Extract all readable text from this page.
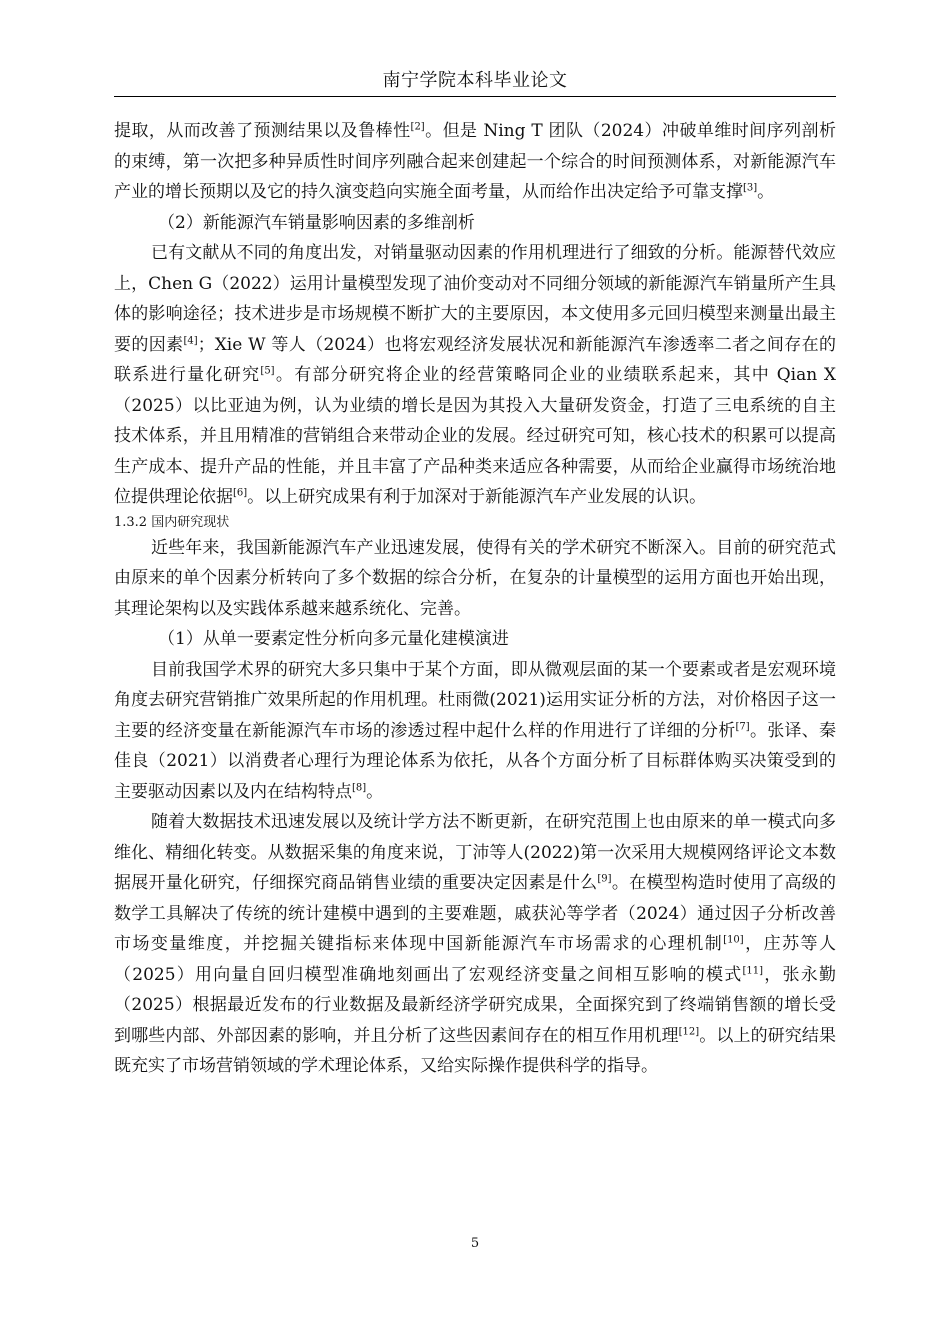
南宁学院本科毕业论文

提取，从而改善了预测结果以及鲁棒性[2]。但是 Ning T 团队（2024）冲破单维时间序列剖析的束缚，第一次把多种异质性时间序列融合起来创建起一个综合的时间预测体系，对新能源汽车产业的增长预期以及它的持久演变趋向实施全面考量，从而给作出决定给予可靠支撑[3]。

（2）新能源汽车销量影响因素的多维剖析

已有文献从不同的角度出发，对销量驱动因素的作用机理进行了细致的分析。能源替代效应上，Chen G（2022）运用计量模型发现了油价变动对不同细分领域的新能源汽车销量所产生具体的影响途径；技术进步是市场规模不断扩大的主要原因，本文使用多元回归模型来测量出最主要的因素[4]；Xie W 等人（2024）也将宏观经济发展状况和新能源汽车渗透率二者之间存在的联系进行量化研究[5]。有部分研究将企业的经营策略同企业的业绩联系起来，其中 Qian X（2025）以比亚迪为例，认为业绩的增长是因为其投入大量研发资金，打造了三电系统的自主技术体系，并且用精准的营销组合来带动企业的发展。经过研究可知，核心技术的积累可以提高生产成本、提升产品的性能，并且丰富了产品种类来适应各种需要，从而给企业赢得市场统治地位提供理论依据[6]。以上研究成果有利于加深对于新能源汽车产业发展的认识。

1.3.2 国内研究现状

近些年来，我国新能源汽车产业迅速发展，使得有关的学术研究不断深入。目前的研究范式由原来的单个因素分析转向了多个数据的综合分析，在复杂的计量模型的运用方面也开始出现，其理论架构以及实践体系越来越系统化、完善。

（1）从单一要素定性分析向多元量化建模演进

目前我国学术界的研究大多只集中于某个方面，即从微观层面的某一个要素或者是宏观环境角度去研究营销推广效果所起的作用机理。杜雨微(2021)运用实证分析的方法，对价格因子这一主要的经济变量在新能源汽车市场的渗透过程中起什么样的作用进行了详细的分析[7]。张译、秦佳良（2021）以消费者心理行为理论体系为依托，从各个方面分析了目标群体购买决策受到的主要驱动因素以及内在结构特点[8]。

随着大数据技术迅速发展以及统计学方法不断更新，在研究范围上也由原来的单一模式向多维化、精细化转变。从数据采集的角度来说，丁沛等人(2022)第一次采用大规模网络评论文本数据展开量化研究，仔细探究商品销售业绩的重要决定因素是什么[9]。在模型构造时使用了高级的数学工具解决了传统的统计建模中遇到的主要难题，戚获沁等学者（2024）通过因子分析改善市场变量维度，并挖掘关键指标来体现中国新能源汽车市场需求的心理机制[10]，庄苏等人（2025）用向量自回归模型准确地刻画出了宏观经济变量之间相互影响的模式[11]，张永勤（2025）根据最近发布的行业数据及最新经济学研究成果，全面探究到了终端销售额的增长受到哪些内部、外部因素的影响，并且分析了这些因素间存在的相互作用机理[12]。以上的研究结果既充实了市场营销领域的学术理论体系，又给实际操作提供科学的指导。

5
